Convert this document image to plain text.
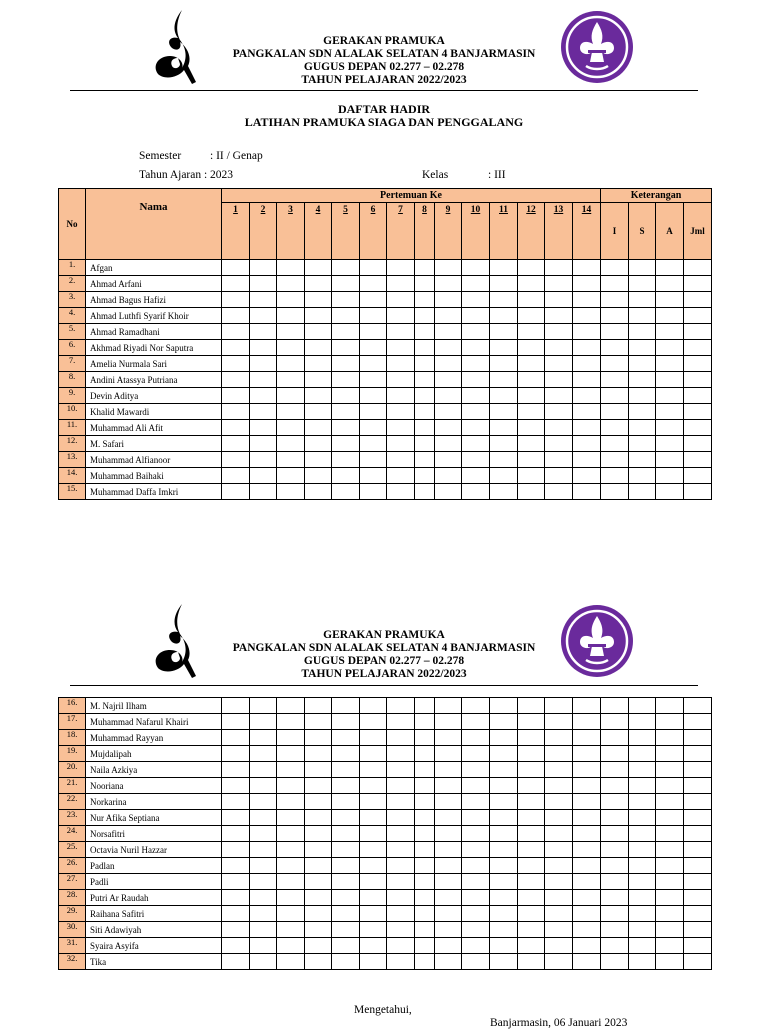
GERAKAN PRAMUKA
PANGKALAN SDN ALALAK SELATAN 4 BANJARMASIN
GUGUS DEPAN 02.277 – 02.278
TAHUN PELAJARAN 2022/2023
DAFTAR HADIR
LATIHAN PRAMUKA SIAGA DAN PENGGALANG
Semester	: II / Genap
Tahun Ajaran : 2023	Kelas	: III
No	Nama	Pertemuan Ke														Keterangan			
		1	2	3	4	5	6	7	8	9	10	11	12	13	14	I	S	A	Jml
1.	Afgan																		
2.	Ahmad Arfani																		
3.	Ahmad Bagus Hafizi																		
4.	Ahmad Luthfi Syarif Khoir																		
5.	Ahmad Ramadhani																		
6.	Akhmad Riyadi Nor Saputra																		
7.	Amelia Nurmala Sari																		
8.	Andini Atassya Putriana																		
9.	Devin Aditya																		
10.	Khalid Mawardi																		
11.	Muhammad Ali Afit																		
12.	M. Safari																		
13.	Muhammad Alfianoor																		
14.	Muhammad Baihaki																		
15.	Muhammad Daffa Imkri																		
GERAKAN PRAMUKA
PANGKALAN SDN ALALAK SELATAN 4 BANJARMASIN
GUGUS DEPAN 02.277 – 02.278
TAHUN PELAJARAN 2022/2023
16.	M. Najril Ilham																		
17.	Muhammad Nafarul Khairi																		
18.	Muhammad Rayyan																		
19.	Mujdalipah																		
20.	Naila Azkiya																		
21.	Nooriana																		
22.	Norkarina																		
23.	Nur Afika Septiana																		
24.	Norsafitri																		
25.	Octavia Nuril Hazzar																		
26.	Padlan																		
27.	Padli																		
28.	Putri Ar Raudah																		
29.	Raihana Safitri																		
30.	Siti Adawiyah																		
31.	Syaira Asyifa																		
32.	Tika																		
Mengetahui,
Banjarmasin, 06 Januari 2023
